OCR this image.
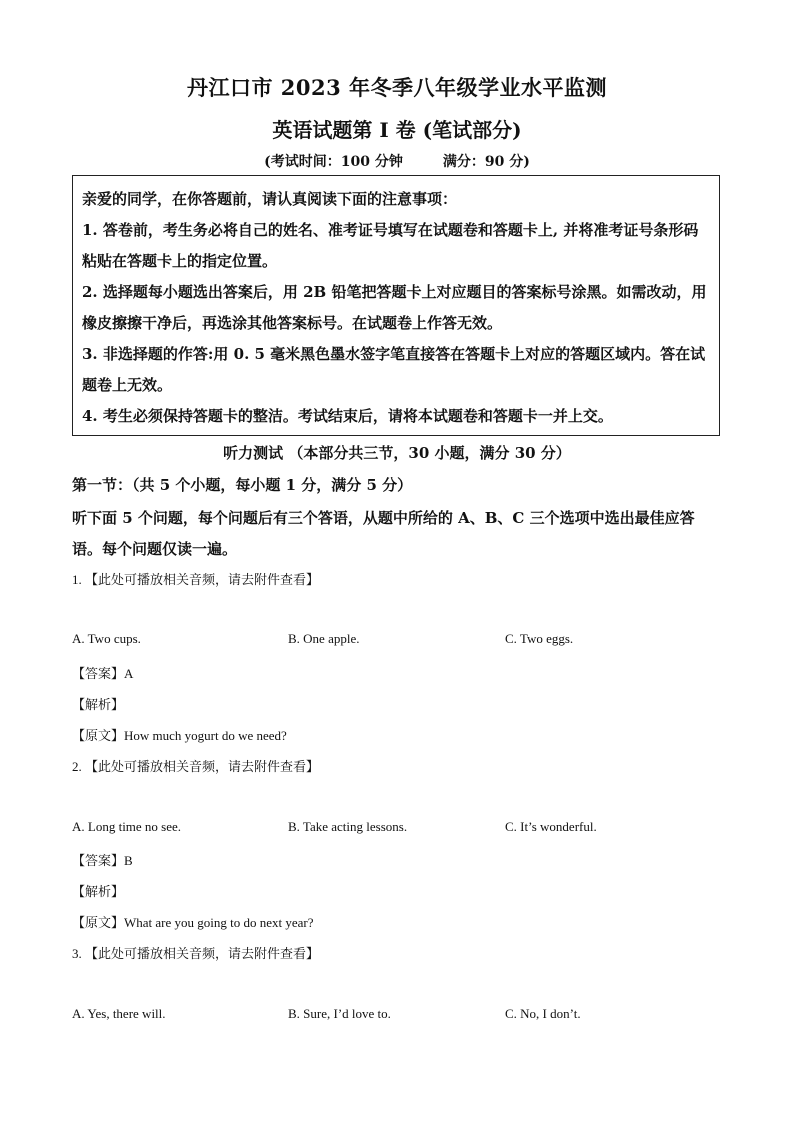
丹江口市 2023 年冬季八年级学业水平监测
英语试题第 I 卷 (笔试部分)
(考试时间：100 分钟	满分：90 分)

亲爱的同学，在你答题前，请认真阅读下面的注意事项：

1. 答卷前，考生务必将自己的姓名、准考证号填写在试题卷和答题卡上, 并将准考证号条形码粘贴在答题卡上的指定位置。

2. 选择题每小题选出答案后，用 2B 铅笔把答题卡上对应题目的答案标号涂黑。如需改动，用橡皮擦擦干净后，再选涂其他答案标号。在试题卷上作答无效。

3. 非选择题的作答:用 0. 5 毫米黑色墨水签字笔直接答在答题卡上对应的答题区域内。答在试题卷上无效。

4. 考生必须保持答题卡的整洁。考试结束后，请将本试题卷和答题卡一并上交。

听力测试 （本部分共三节，30 小题，满分 30 分）
第一节：（共 5 个小题，每小题 1 分，满分 5 分）
听下面 5 个问题，每个问题后有三个答语，从题中所给的 A、B、C 三个选项中选出最佳应答语。每个问题仅读一遍。
1. 【此处可播放相关音频，请去附件查看】
A. Two cups.	B. One apple.	C. Two eggs.
【答案】A
【解析】
【原文】How much yogurt do we need?
2. 【此处可播放相关音频，请去附件查看】
A. Long time no see.	B. Take acting lessons.	C. It’s wonderful.
【答案】B
【解析】
【原文】What are you going to do next year?
3. 【此处可播放相关音频，请去附件查看】
A. Yes, there will.	B. Sure, I’d love to.	C. No, I don’t.
